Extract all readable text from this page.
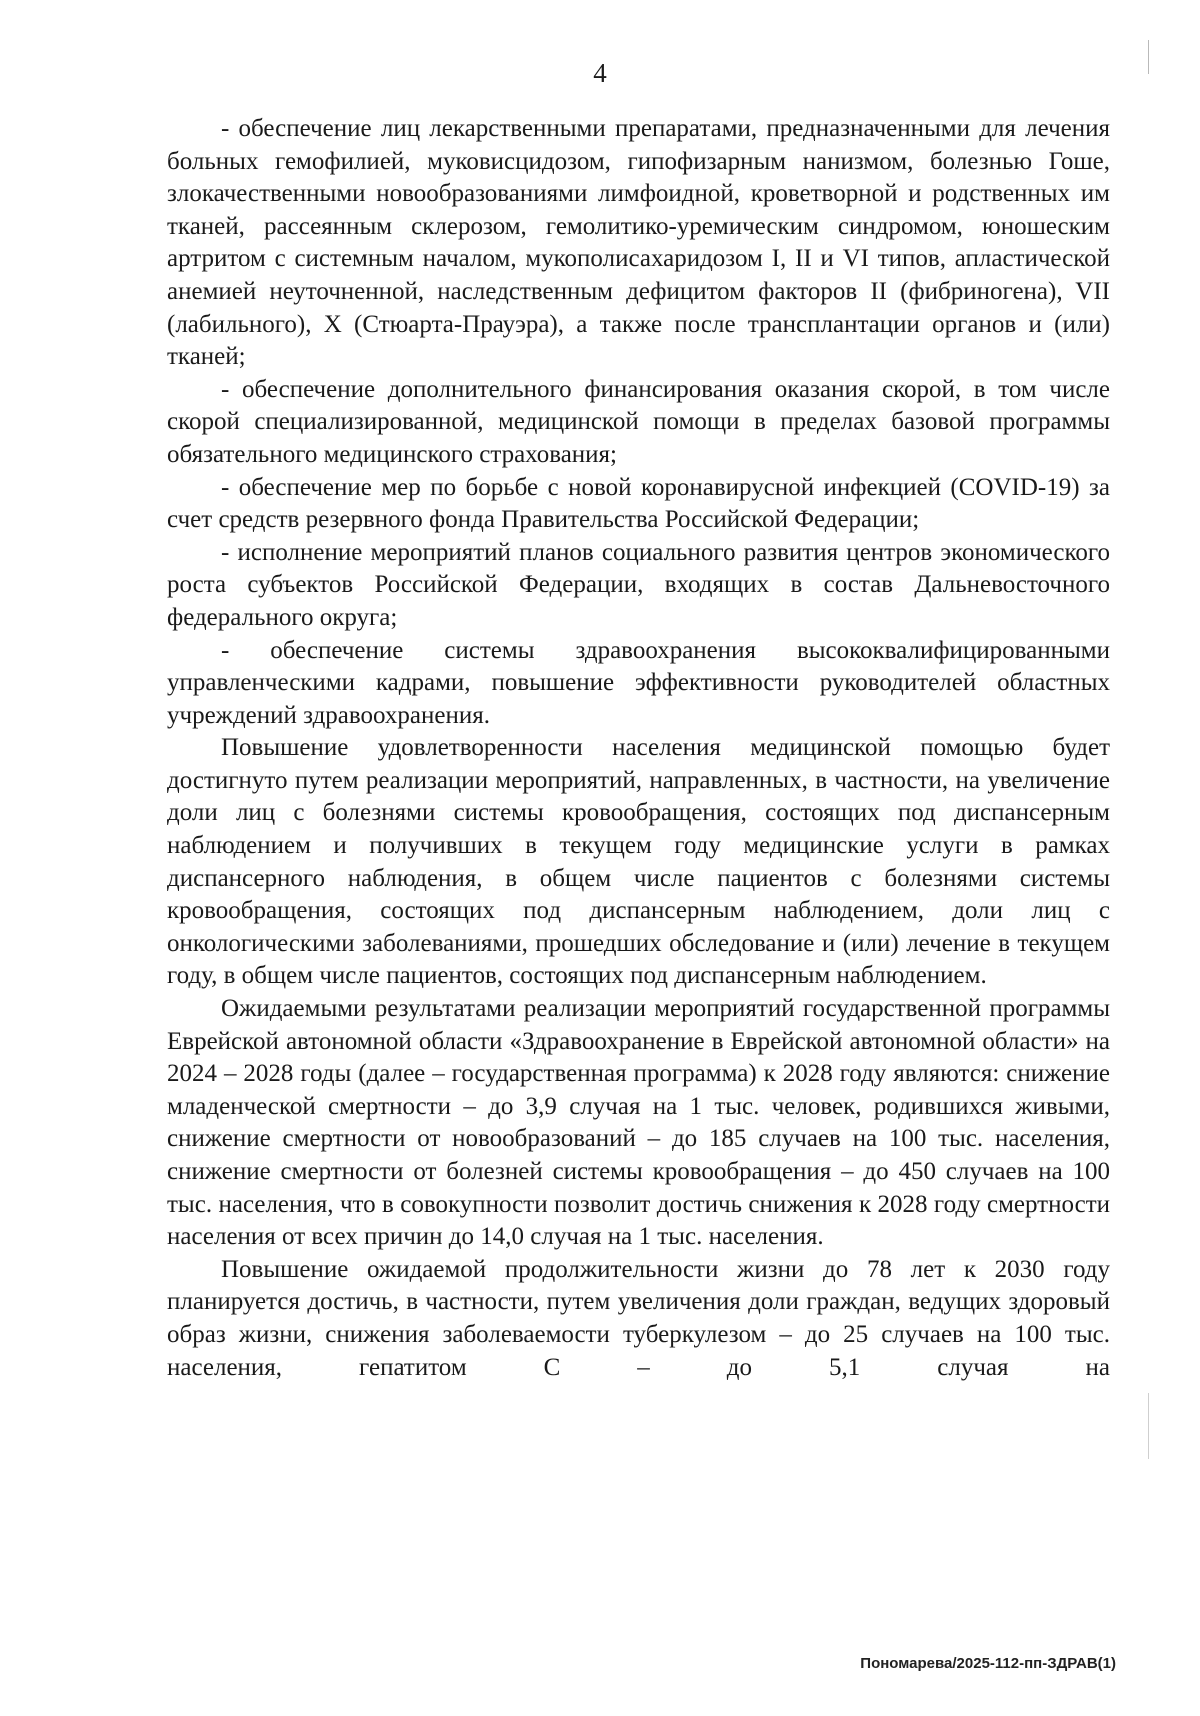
4

- обеспечение лиц лекарственными препаратами, предназначенными для лечения больных гемофилией, муковисцидозом, гипофизарным нанизмом, болезнью Гоше, злокачественными новообразованиями лимфоидной, кроветворной и родственных им тканей, рассеянным склерозом, гемолитико-уремическим синдромом, юношеским артритом с системным началом, мукополисахаридозом I, II и VI типов, апластической анемией неуточненной, наследственным дефицитом факторов II (фибриногена), VII (лабильного), X (Стюарта-Прауэра), а также после трансплантации органов и (или) тканей;

- обеспечение дополнительного финансирования оказания скорой, в том числе скорой специализированной, медицинской помощи в пределах базовой программы обязательного медицинского страхования;

- обеспечение мер по борьбе с новой коронавирусной инфекцией (COVID-19) за счет средств резервного фонда Правительства Российской Федерации;

- исполнение мероприятий планов социального развития центров экономического роста субъектов Российской Федерации, входящих в состав Дальневосточного федерального округа;

- обеспечение системы здравоохранения высококвалифицированными управленческими кадрами, повышение эффективности руководителей областных учреждений здравоохранения.

Повышение удовлетворенности населения медицинской помощью будет достигнуто путем реализации мероприятий, направленных, в частности, на увеличение доли лиц с болезнями системы кровообращения, состоящих под диспансерным наблюдением и получивших в текущем году медицинские услуги в рамках диспансерного наблюдения, в общем числе пациентов с болезнями системы кровообращения, состоящих под диспансерным наблюдением, доли лиц с онкологическими заболеваниями, прошедших обследование и (или) лечение в текущем году, в общем числе пациентов, состоящих под диспансерным наблюдением.

Ожидаемыми результатами реализации мероприятий государственной программы Еврейской автономной области «Здравоохранение в Еврейской автономной области» на 2024 – 2028 годы (далее – государственная программа) к 2028 году являются: снижение младенческой смертности – до 3,9 случая на 1 тыс. человек, родившихся живыми, снижение смертности от новообразований – до 185 случаев на 100 тыс. населения, снижение смертности от болезней системы кровообращения – до 450 случаев на 100 тыс. населения, что в совокупности позволит достичь снижения к 2028 году смертности населения от всех причин до 14,0 случая на 1 тыс. населения.

Повышение ожидаемой продолжительности жизни до 78 лет к 2030 году планируется достичь, в частности, путем увеличения доли граждан, ведущих здоровый образ жизни, снижения заболеваемости туберкулезом – до 25 случаев на 100 тыс. населения, гепатитом С – до 5,1 случая на

Пономарева/2025-112-пп-ЗДРАВ(1)
